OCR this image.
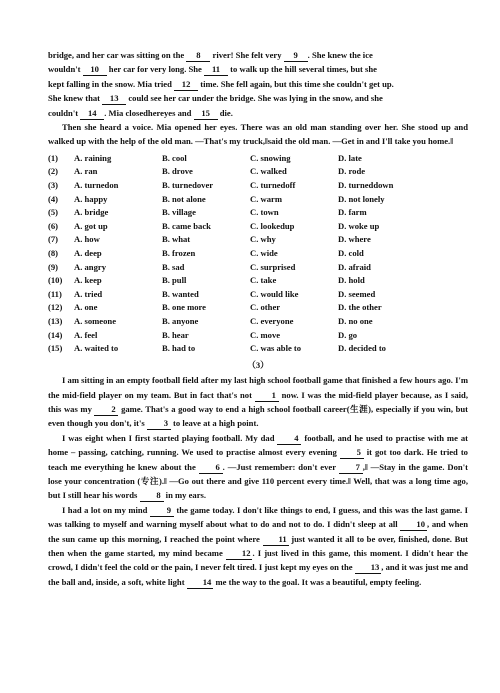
bridge, and her car was sitting on the 8 river! She felt very 9 . She knew the ice

wouldn't 10 her car for very long. She 11 to walk up the hill several times, but she

kept falling in the snow. Mia tried 12 time. She fell again, but this time she couldn't get up.

She knew that 13 could see her car under the bridge. She was lying in the snow, and she

couldn't 14 . Mia closedhereyes and 15 die.

Then she heard a voice. Mia opened her eyes. There was an old man standing over her. She stood up and walked up with the help of the old man. —That's my truck,‖said the old man. —Get in and I'll take you home.‖

(1)	A. raining	B. cool	C. snowing	D. late
(2)	A. ran	B. drove	C. walked	D. rode
(3)	A. turnedon	B. turnedover	C. turnedoff	D. turneddown
(4)	A. happy	B. not alone	C. warm	D. not lonely
(5)	A. bridge	B. village	C. town	D. farm
(6)	A. got up	B. came back	C. lookedup	D. woke up
(7)	A. how	B. what	C. why	D. where
(8)	A. deep	B. frozen	C. wide	D. cold
(9)	A. angry	B. sad	C. surprised	D. afraid
(10)	A. keep	B. pull	C. take	D. hold
(11)	A. tried	B. wanted	C. would like	D. seemed
(12)	A. one	B. one more	C. other	D. the other
(13)	A. someone	B. anyone	C. everyone	D. no one
(14)	A. feel	B. hear	C. move	D. go
(15)	A. waited to	B. had to	C. was able to	D. decided to
（3）

I am sitting in an empty football field after my last high school football game that finished a few hours ago. I'm the mid-field player on my team. But in fact that's not 1 now. I was the mid-field player because, as I said, this was my 2 game. That's a good way to end a high school football career(生涯), especially if you win, but even though you don't, it's 3 to leave at a high point.

I was eight when I first started playing football. My dad 4 football, and he used to practise with me at home – passing, catching, running. We used to practise almost every evening 5 it got too dark. He tried to teach me everything he knew about the 6 . —Just remember: don't ever 7 ,‖ —Stay in the game. Don't lose your concentration (专注).‖ —Go out there and give 110 percent every time.‖ Well, that was a long time ago, but I still hear his words 8 in my ears.

I had a lot on my mind 9 the game today. I don't like things to end, I guess, and this was the last game. I was talking to myself and warning myself about what to do and not to do. I didn't sleep at all 10 , and when the sun came up this morning, I reached the point where 11 just wanted it all to be over, finished, done. But then when the game started, my mind became 12 . I just lived in this game, this moment. I didn't hear the crowd, I didn't feel the cold or the pain, I never felt tired. I just kept my eyes on the 13 , and it was just me and the ball and, inside, a soft, white light 14 me the way to the goal. It was a beautiful, empty feeling.
